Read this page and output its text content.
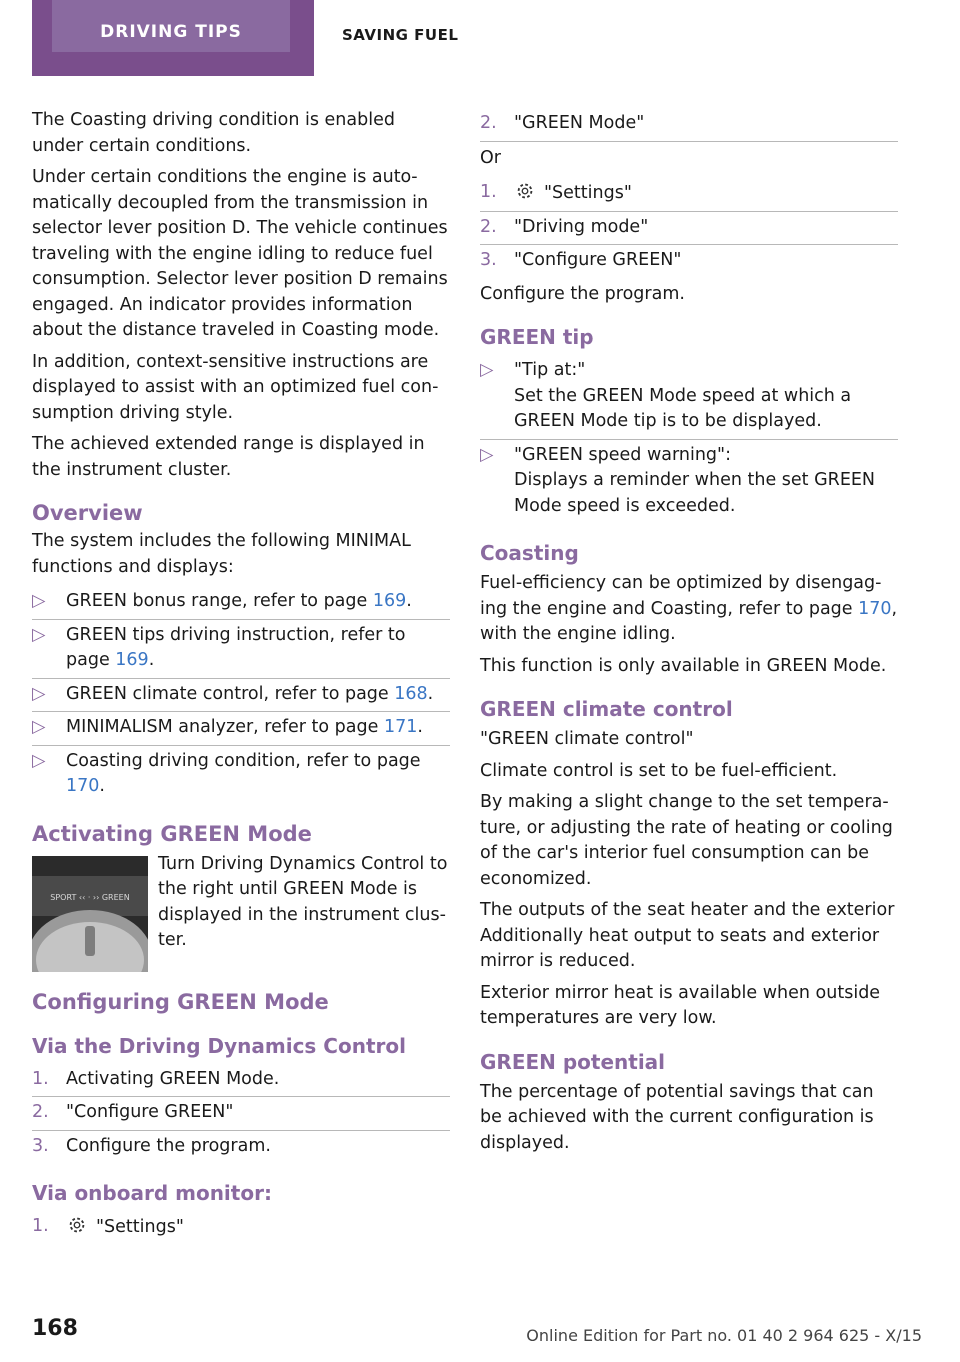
DRIVING TIPS	SAVING FUEL

The Coasting driving condition is enabled under certain conditions.

Under certain conditions the engine is automatically decoupled from the transmission in selector lever position D. The vehicle continues traveling with the engine idling to reduce fuel consumption. Selector lever position D remains engaged. An indicator provides information about the distance traveled in Coasting mode.

In addition, context-sensitive instructions are displayed to assist with an optimized fuel consumption driving style.

The achieved extended range is displayed in the instrument cluster.

Overview

The system includes the following MINIMAL functions and displays:

▷	GREEN bonus range, refer to page 169.
▷	GREEN tips driving instruction, refer to page 169.
▷	GREEN climate control, refer to page 168.
▷	MINIMALISM analyzer, refer to page 171.
▷	Coasting driving condition, refer to page 170.
Activating GREEN Mode
SPORT ‹‹ · ›› GREEN
Turn Driving Dynamics Control to the right until GREEN Mode is displayed in the instrument cluster.
Configuring GREEN Mode
Via the Driving Dynamics Control
1. Activating GREEN Mode.
2. "Configure GREEN"
3. Configure the program.
Via onboard monitor:
1.	"Settings"
2. "GREEN Mode"

Or

1.	"Settings"
2. "Driving mode"
3. "Configure GREEN"

Configure the program.

GREEN tip
▷	"Tip at:"

Set the GREEN Mode speed at which a GREEN Mode tip is to be displayed.

▷	"GREEN speed warning":

Displays a reminder when the set GREEN Mode speed is exceeded.

Coasting

Fuel-efficiency can be optimized by disengaging the engine and Coasting, refer to page 170, with the engine idling.

This function is only available in GREEN Mode.

GREEN climate control

"GREEN climate control"

Climate control is set to be fuel-efficient.

By making a slight change to the set temperature, or adjusting the rate of heating or cooling of the car's interior fuel consumption can be economized.

The outputs of the seat heater and the exterior Additionally heat output to seats and exterior mirror is reduced.

Exterior mirror heat is available when outside temperatures are very low.

GREEN potential

The percentage of potential savings that can be achieved with the current configuration is displayed.

168	Online Edition for Part no. 01 40 2 964 625 - X/15
